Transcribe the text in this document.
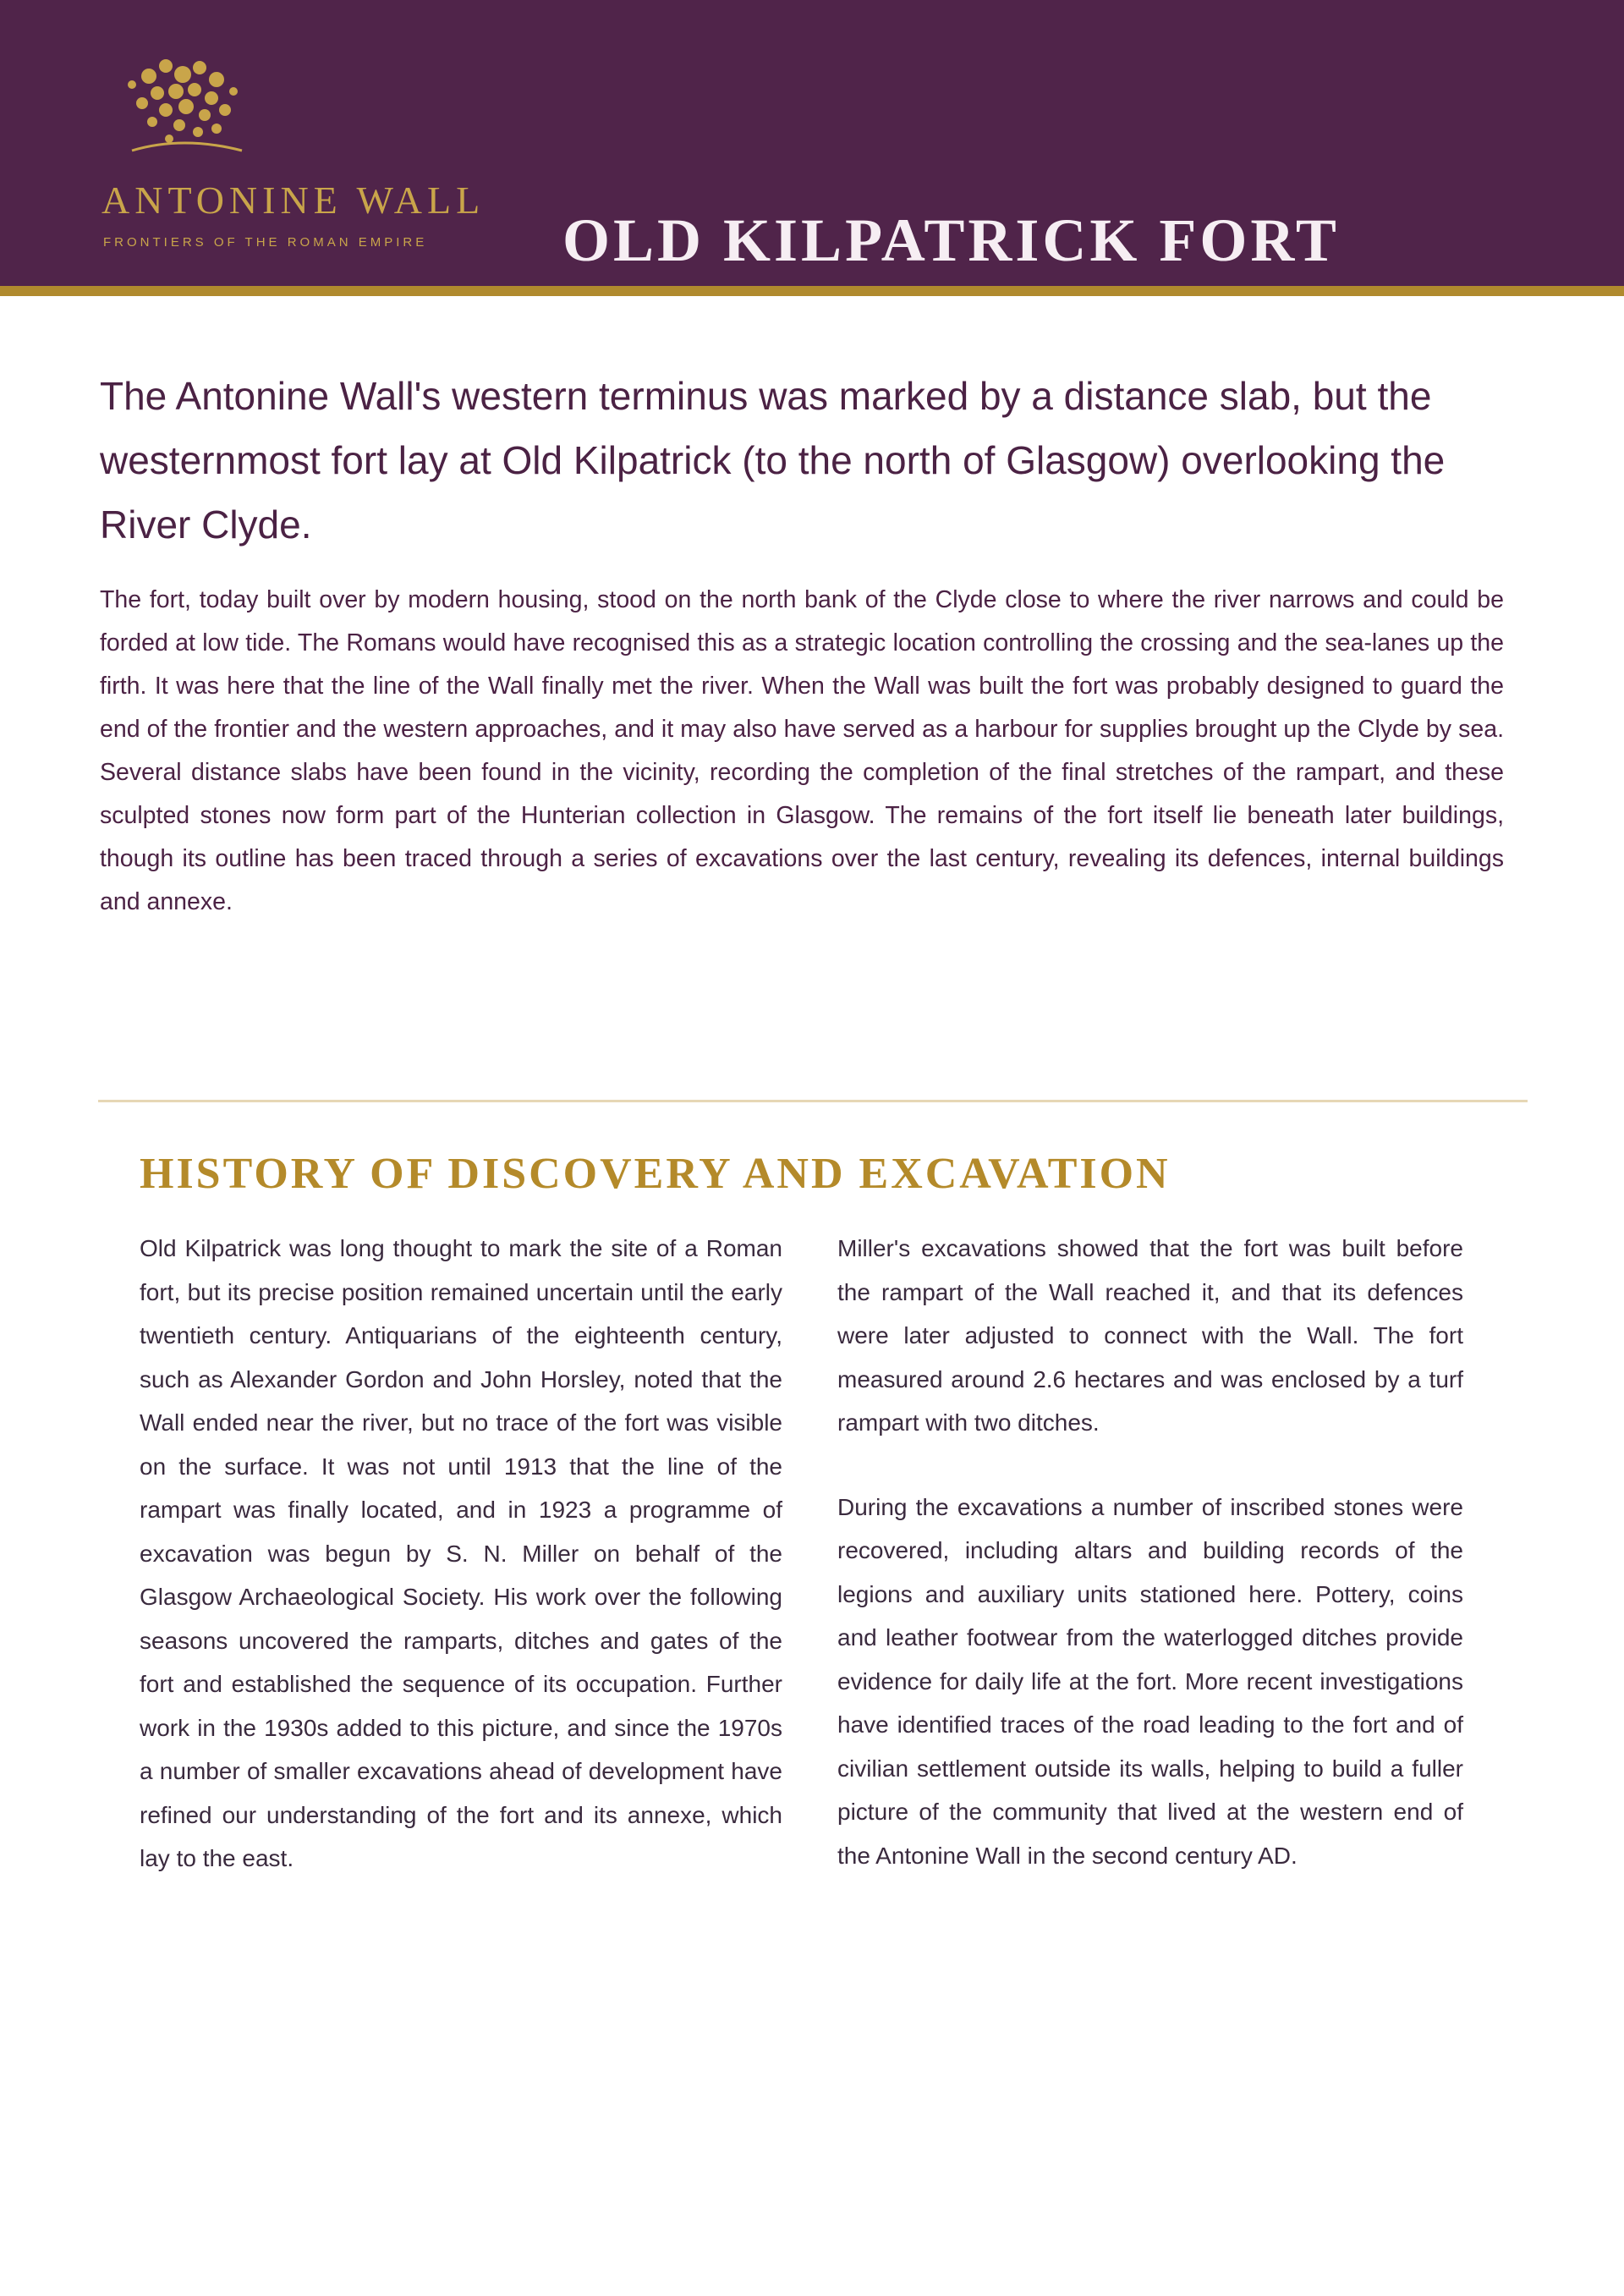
ANTONINE WALL
FRONTIERS OF THE ROMAN EMPIRE OLD KILPATRICK FORT

The Antonine Wall's western terminus was marked by a distance slab, but the westernmost fort lay at Old Kilpatrick (to the north of Glasgow) overlooking the River Clyde.

The fort, today built over by modern housing, stood on the north bank of the Clyde close to where the river narrows and could be forded at low tide. The Romans would have recognised this as a strategic location controlling the crossing and the sea-lanes up the firth. It was here that the line of the Wall finally met the river. When the Wall was built the fort was probably designed to guard the end of the frontier and the western approaches, and it may also have served as a harbour for supplies brought up the Clyde by sea. Several distance slabs have been found in the vicinity, recording the completion of the final stretches of the rampart, and these sculpted stones now form part of the Hunterian collection in Glasgow. The remains of the fort itself lie beneath later buildings, though its outline has been traced through a series of excavations over the last century, revealing its defences, internal buildings and annexe.

HISTORY OF DISCOVERY AND EXCAVATION

Old Kilpatrick was long thought to mark the site of a Roman fort, but its precise position remained uncertain until the early twentieth century. Antiquarians of the eighteenth century, such as Alexander Gordon and John Horsley, noted that the Wall ended near the river, but no trace of the fort was visible on the surface. It was not until 1913 that the line of the rampart was finally located, and in 1923 a programme of excavation was begun by S. N. Miller on behalf of the Glasgow Archaeological Society. His work over the following seasons uncovered the ramparts, ditches and gates of the fort and established the sequence of its occupation. Further work in the 1930s added to this picture, and since the 1970s a number of smaller excavations ahead of development have refined our understanding of the fort and its annexe, which lay to the east.

Miller's excavations showed that the fort was built before the rampart of the Wall reached it, and that its defences were later adjusted to connect with the Wall. The fort measured around 2.6 hectares and was enclosed by a turf rampart with two ditches.

During the excavations a number of inscribed stones were recovered, including altars and building records of the legions and auxiliary units stationed here. Pottery, coins and leather footwear from the waterlogged ditches provide evidence for daily life at the fort. More recent investigations have identified traces of the road leading to the fort and of civilian settlement outside its walls, helping to build a fuller picture of the community that lived at the western end of the Antonine Wall in the second century AD.
